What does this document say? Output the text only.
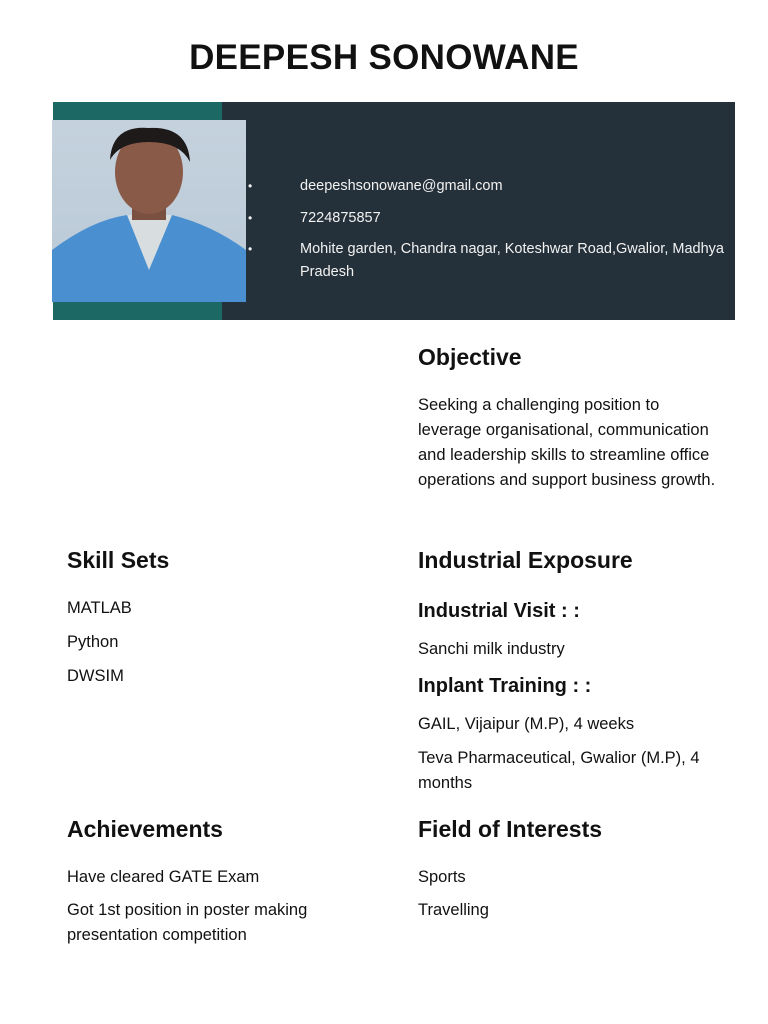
DEEPESH SONOWANE
•	deepeshsonowane@gmail.com
•	7224875857
•	Mohite garden, Chandra nagar, Koteshwar Road,Gwalior, Madhya Pradesh
Objective
Seeking a challenging position to leverage organisational, communication and leadership skills to streamline office operations and support business growth.
Skill Sets
MATLAB
Python
DWSIM
Industrial Exposure
Industrial Visit : :
Sanchi milk industry
Inplant Training : :
GAIL, Vijaipur (M.P), 4 weeks
Teva Pharmaceutical, Gwalior (M.P), 4 months
Achievements
Have cleared GATE Exam
Got 1st position in poster making presentation competition
Field of Interests
Sports
Travelling
